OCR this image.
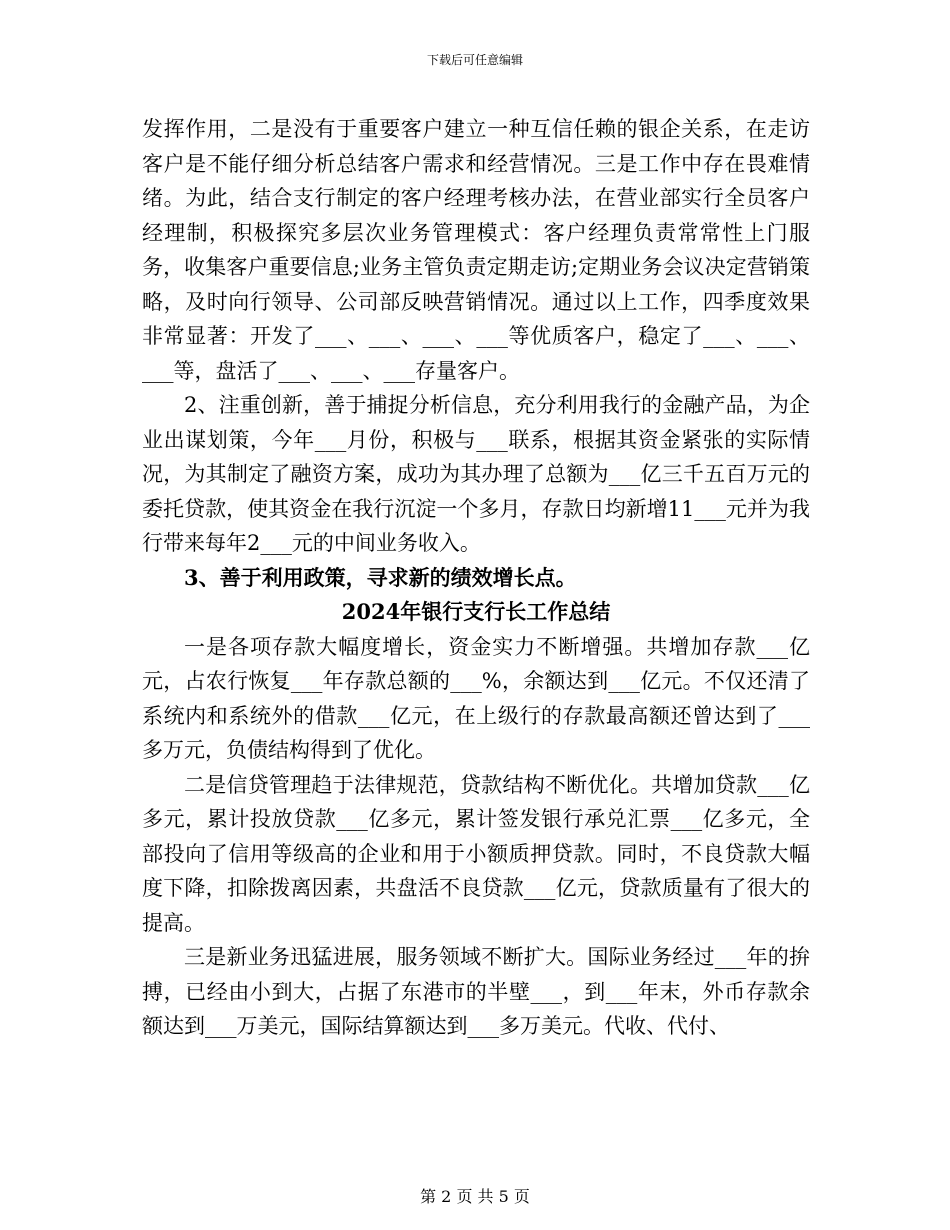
下载后可任意编辑

发挥作用，二是没有于重要客户建立一种互信任赖的银企关系，在走访客户是不能仔细分析总结客户需求和经营情况。三是工作中存在畏难情绪。为此，结合支行制定的客户经理考核办法，在营业部实行全员客户经理制，积极探究多层次业务管理模式：客户经理负责常常性上门服务，收集客户重要信息;业务主管负责定期走访;定期业务会议决定营销策略，及时向行领导、公司部反映营销情况。通过以上工作，四季度效果非常显著：开发了___、___、___、___等优质客户，稳定了___、___、___等，盘活了___、___、___存量客户。

2、注重创新，善于捕捉分析信息，充分利用我行的金融产品，为企业出谋划策，今年___月份，积极与___联系，根据其资金紧张的实际情况，为其制定了融资方案，成功为其办理了总额为___亿三千五百万元的委托贷款，使其资金在我行沉淀一个多月，存款日均新增11___元并为我行带来每年2___元的中间业务收入。

3、善于利用政策，寻求新的绩效增长点。

2024年银行支行长工作总结

一是各项存款大幅度增长，资金实力不断增强。共增加存款___亿元，占农行恢复___年存款总额的___%，余额达到___亿元。不仅还清了系统内和系统外的借款___亿元，在上级行的存款最高额还曾达到了___多万元，负债结构得到了优化。

二是信贷管理趋于法律规范，贷款结构不断优化。共增加贷款___亿多元，累计投放贷款___亿多元，累计签发银行承兑汇票___亿多元，全部投向了信用等级高的企业和用于小额质押贷款。同时，不良贷款大幅度下降，扣除拨离因素，共盘活不良贷款___亿元，贷款质量有了很大的提高。

三是新业务迅猛进展，服务领域不断扩大。国际业务经过___年的拚搏，已经由小到大，占据了东港市的半壁___，到___年末，外币存款余额达到___万美元，国际结算额达到___多万美元。代收、代付、

第 2 页 共 5 页
